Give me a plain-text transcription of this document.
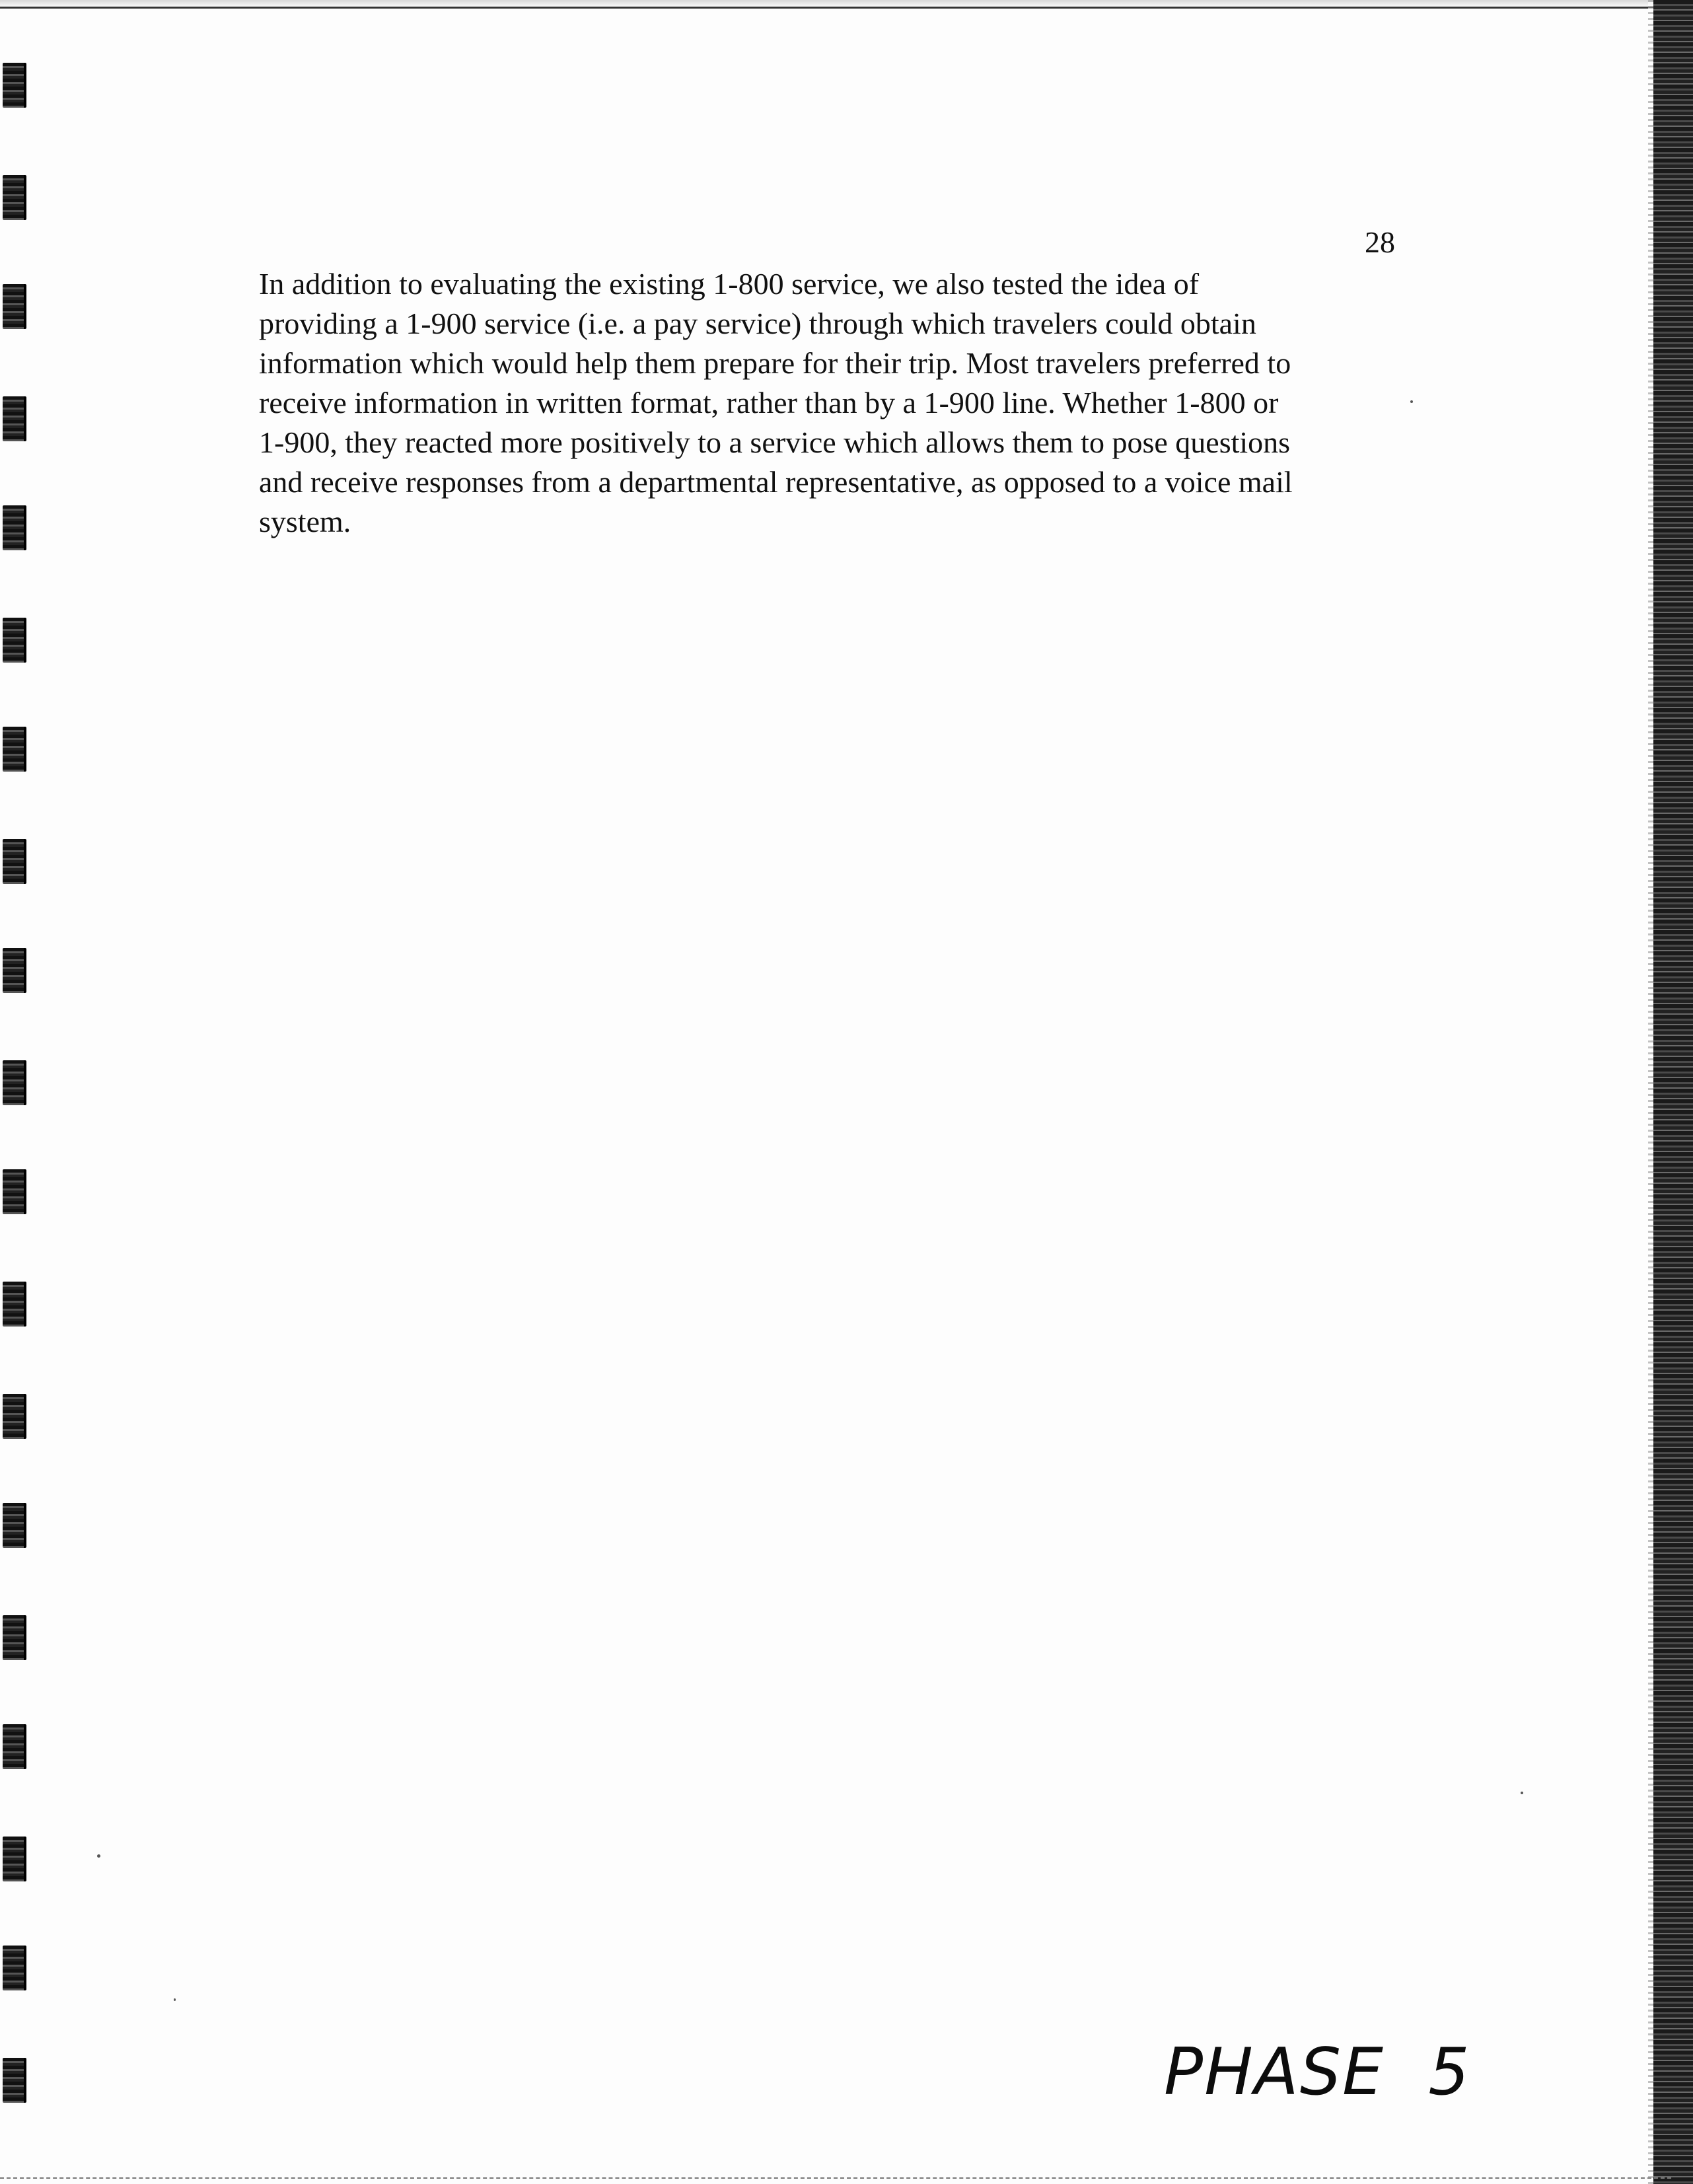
28

In addition to evaluating the existing 1-800 service, we also tested the idea of
providing a 1-900 service (i.e. a pay service) through which travelers could obtain
information which would help them prepare for their trip. Most travelers preferred to
receive information in written format, rather than by a 1-900 line. Whether 1-800 or
1-900, they reacted more positively to a service which allows them to pose questions
and receive responses from a departmental representative, as opposed to a voice mail
system.

PHASE  5
